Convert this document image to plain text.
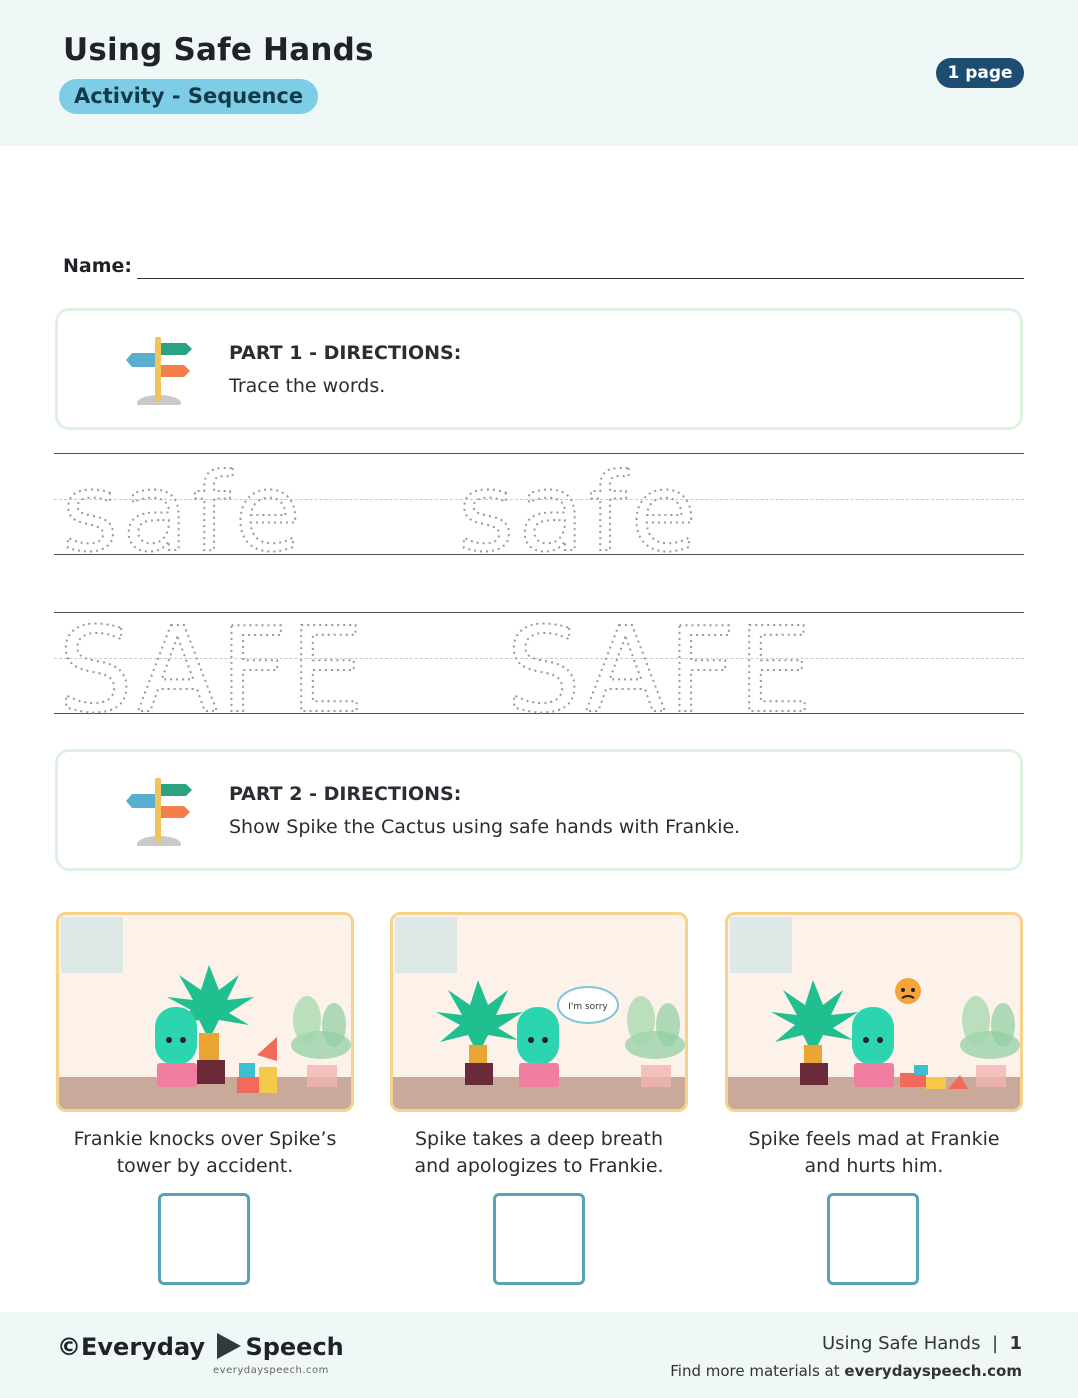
Using Safe Hands
Activity - Sequence
1 page
Name:
PART 1 - DIRECTIONS:
Trace the words.
safe safe
SAFE SAFE
PART 2 - DIRECTIONS:
Show Spike the Cactus using safe hands with Frankie.
Frankie knocks over Spike’s
tower by accident.
I'm sorry
Spike takes a deep breath
and apologizes to Frankie.
Spike feels mad at Frankie
and hurts him.
©Everyday Speech
everydayspeech.com
Using Safe Hands | 1
Find more materials at everydayspeech.com
